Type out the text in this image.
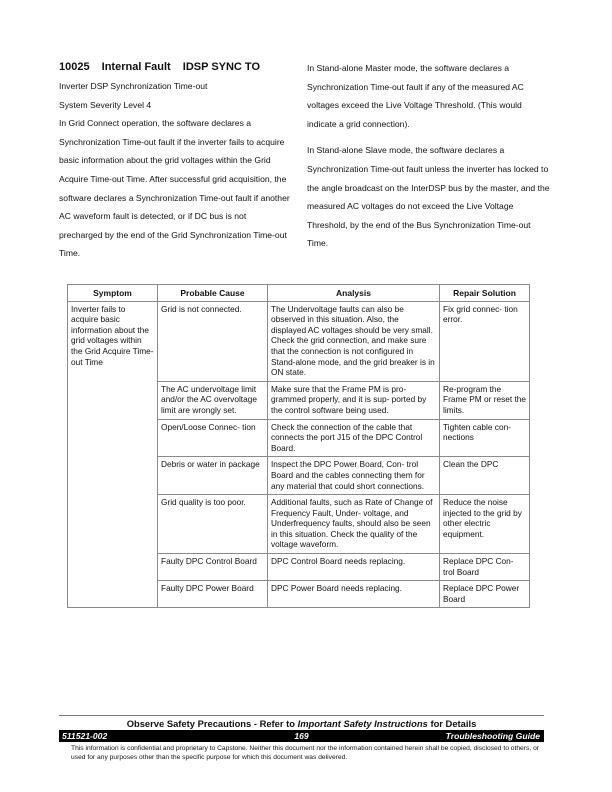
10025 Internal Fault IDSP SYNC TO

Inverter DSP Synchronization Time-out

System Severity Level 4

In Grid Connect operation, the software declares a Synchronization Time-out fault if the inverter fails to acquire basic information about the grid voltages within the Grid Acquire Time-out Time. After successful grid acquisition, the software declares a Synchronization Time-out fault if another AC waveform fault is detected, or if DC bus is not precharged by the end of the Grid Synchronization Time-out Time.

In Stand-alone Master mode, the software declares a Synchronization Time-out fault if any of the measured AC voltages exceed the Live Voltage Threshold. (This would indicate a grid connection).

In Stand-alone Slave mode, the software declares a Synchronization Time-out fault unless the inverter has locked to the angle broadcast on the InterDSP bus by the master, and the measured AC voltages do not exceed the Live Voltage Threshold, by the end of the Bus Synchronization Time-out Time.

Symptom	Probable Cause	Analysis	Repair Solution
Inverter fails to acquire basic information about the grid voltages within the Grid Acquire Time-out Time	Grid is not connected.	The Undervoltage faults can also be observed in this situation. Also, the displayed AC voltages should be very small. Check the grid connection, and make sure that the connection is not configured in Stand-alone mode, and the grid breaker is in ON state.	Fix grid connec- tion error.
	The AC undervoltage limit and/or the AC overvoltage limit are wrongly set.	Make sure that the Frame PM is pro- grammed properly, and it is sup- ported by the control software being used.	Re-program the Frame PM or reset the limits.
	Open/Loose Connec- tion	Check the connection of the cable that connects the port J15 of the DPC Control Board.	Tighten cable con- nections
	Debris or water in package	Inspect the DPC Power Board, Con- trol Board and the cables connecting them for any material that could short connections.	Clean the DPC
	Grid quality is too poor.	Additional faults, such as Rate of Change of Frequency Fault, Under- voltage, and Underfrequency faults, should also be seen in this situation. Check the quality of the voltage waveform.	Reduce the noise injected to the grid by other electric equipment.
	Faulty DPC Control Board	DPC Control Board needs replacing.	Replace DPC Con- trol Board
	Faulty DPC Power Board	DPC Power Board needs replacing.	Replace DPC Power Board
Observe Safety Precautions - Refer to Important Safety Instructions for Details
511521-002	169	Troubleshooting Guide
This information is confidential and proprietary to Capstone. Neither this document nor the information contained herein shall be copied, disclosed to others, or used for any purposes other than the specific purpose for which this document was delivered.
